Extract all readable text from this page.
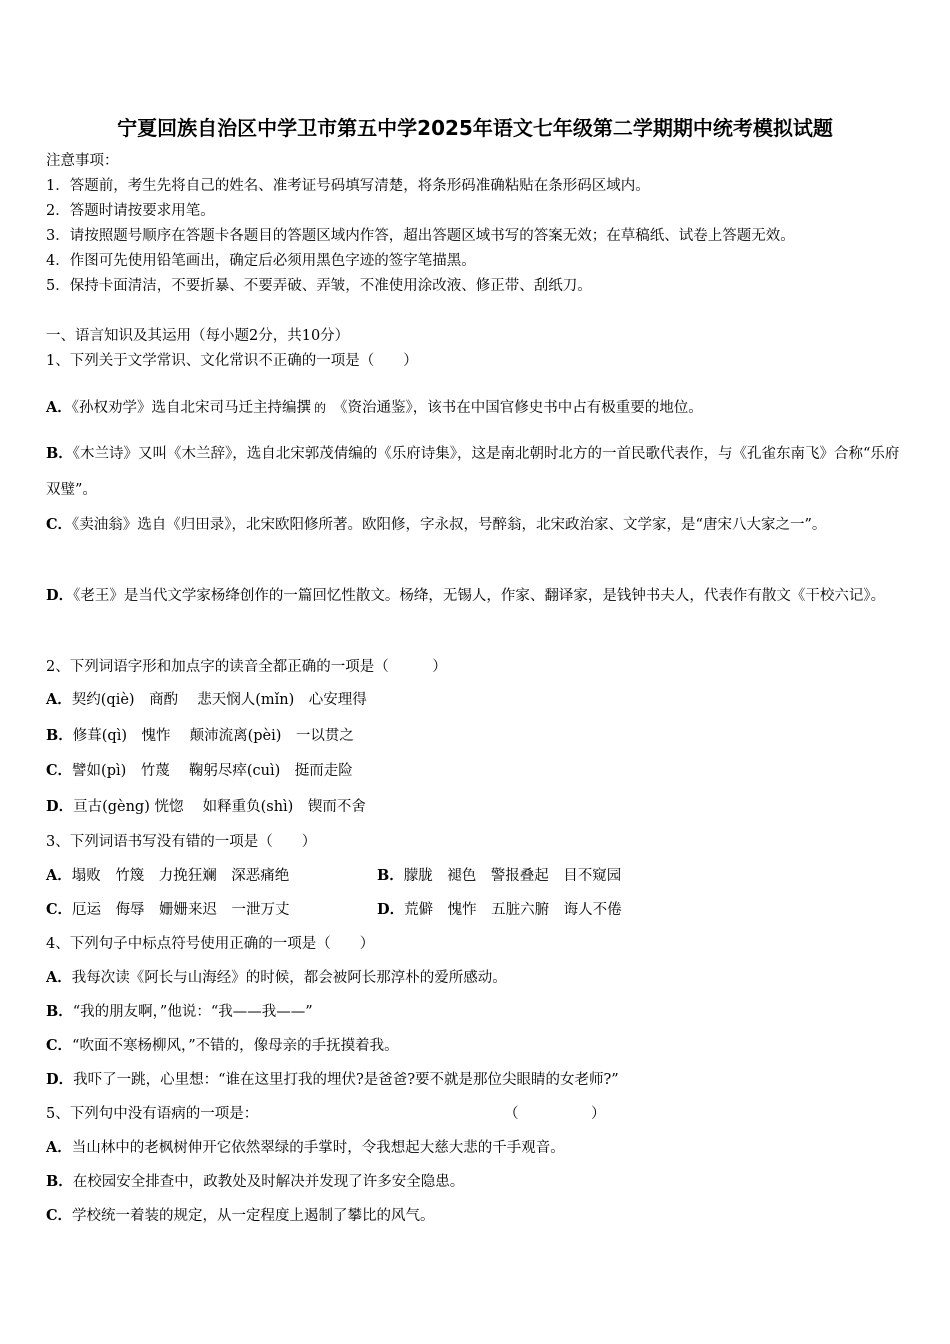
宁夏回族自治区中学卫市第五中学2025年语文七年级第二学期期中统考模拟试题
注意事项：
1．答题前，考生先将自己的姓名、准考证号码填写清楚，将条形码准确粘贴在条形码区域内。
2．答题时请按要求用笔。
3．请按照题号顺序在答题卡各题目的答题区域内作答，超出答题区域书写的答案无效；在草稿纸、试卷上答题无效。
4．作图可先使用铅笔画出，确定后必须用黑色字迹的签字笔描黑。
5．保持卡面清洁，不要折暴、不要弄破、弄皱，不准使用涂改液、修正带、刮纸刀。
一、语言知识及其运用（每小题2分，共10分）
1、下列关于文学常识、文化常识不正确的一项是（　　）
A．《孙权劝学》选自北宋司马迁主持编撰 的 《资治通鉴》，该书在中国官修史书中占有极重要的地位。
B．《木兰诗》又叫《木兰辞》，选自北宋郭茂倩编的《乐府诗集》，这是南北朝时北方的一首民歌代表作，与《孔雀东南飞》合称“乐府双璧”。
C．《卖油翁》选自《归田录》，北宋欧阳修所著。欧阳修，字永叔，号醉翁，北宋政治家、文学家，是“唐宋八大家之一”。
D．《老王》是当代文学家杨绛创作的一篇回忆性散文。杨绛，无锡人，作家、翻译家，是钱钟书夫人，代表作有散文《干校六记》。
2、下列词语字形和加点字的读音全都正确的一项是（　　　）
A．契约(qiè)　商酌　 悲天悯人(mǐn)　心安理得
B．修葺(qì)　愧怍　 颠沛流离(pèi)　一以贯之
C．譬如(pì)　竹蔑　 鞠躬尽瘁(cuì)　挺而走险
D．亘古(gèng) 恍惚　 如释重负(shì)　锲而不舍
3、下列词语书写没有错的一项是（　　）
A．塌败　竹篾　力挽狂斓　深恶痛绝	B．朦胧　褪色　警报叠起　目不窥园
C．厄运　侮辱　姗姗来迟　一泄万丈	D．荒僻　愧怍　五脏六腑　诲人不倦
4、下列句子中标点符号使用正确的一项是（　　）
A．我每次读《阿长与山海经》的时候，都会被阿长那淳朴的爱所感动。
B．“我的朋友啊，”他说：“我——我——”
C．“吹面不寒杨柳风，”不错的，像母亲的手抚摸着我。
D．我吓了一跳，心里想：“谁在这里打我的埋伏?是爸爸?要不就是那位尖眼睛的女老师?”
5、下列句中没有语病的一项是：	（　　　　　）
A．当山林中的老枫树伸开它依然翠绿的手掌时，令我想起大慈大悲的千手观音。
B．在校园安全排查中，政教处及时解决并发现了许多安全隐患。
C．学校统一着装的规定，从一定程度上遏制了攀比的风气。
